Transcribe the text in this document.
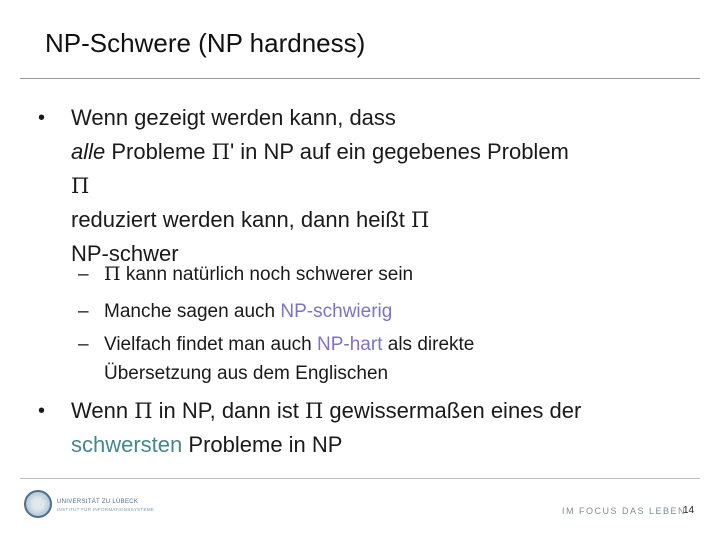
NP-Schwere (NP hardness)
• Wenn gezeigt werden kann, dass
alle Probleme Π' in NP auf ein gegebenes Problem
Π
reduziert werden kann, dann heißt Π
NP-schwer
– Π kann natürlich noch schwerer sein
– Manche sagen auch NP-schwierig
– Vielfach findet man auch NP-hart als direkte
Übersetzung aus dem Englischen
• Wenn Π in NP, dann ist Π gewissermaßen eines der
schwersten Probleme in NP
UNIVERSITÄT ZU LÜBECK
INSTITUT FÜR INFORMATIONSSYSTEME	IM FOCUS DAS LEBEN
14
